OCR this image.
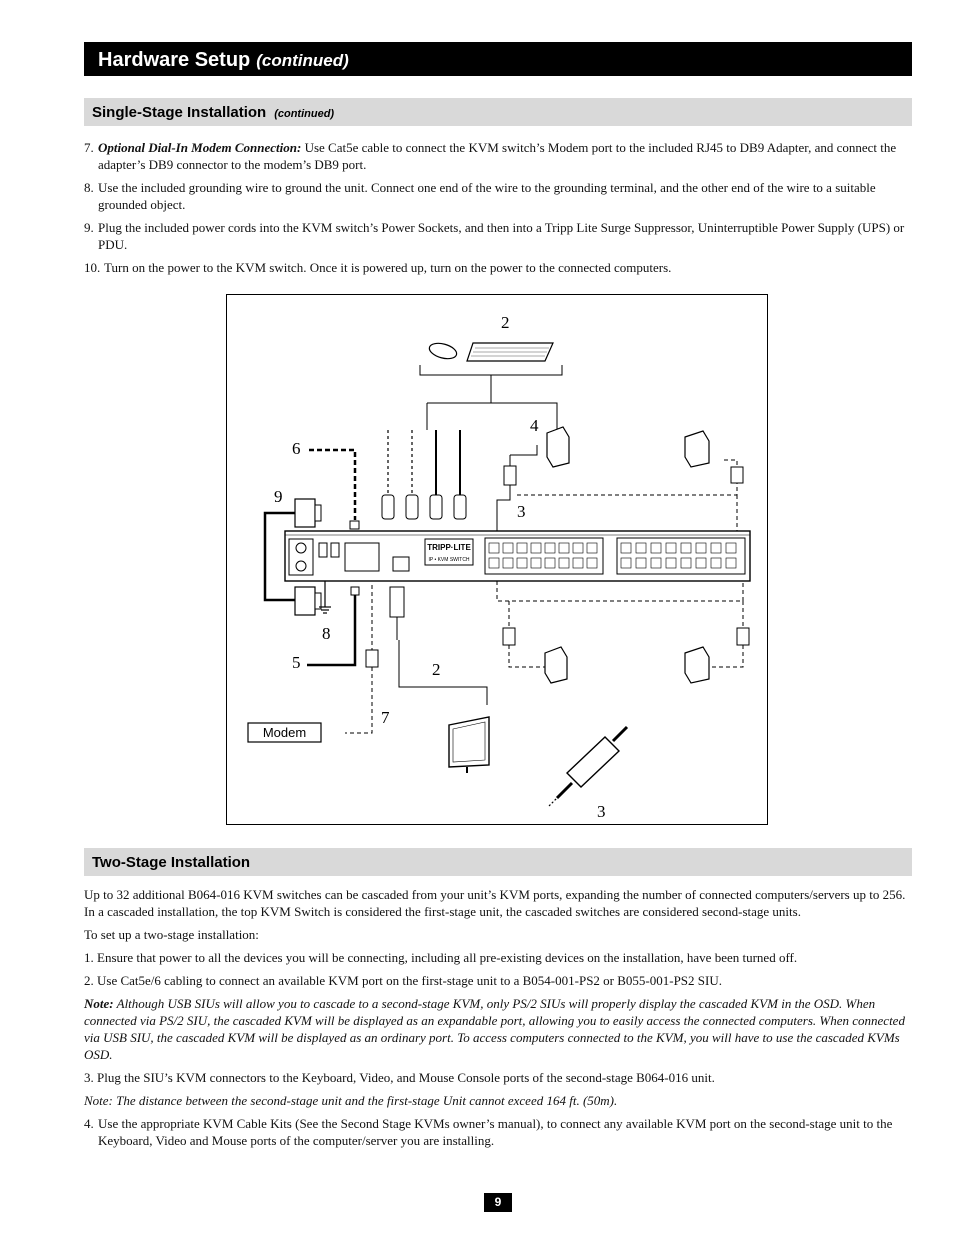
Hardware Setup (continued)
Single-Stage Installation (continued)
7. Optional Dial-In Modem Connection: Use Cat5e cable to connect the KVM switch’s Modem port to the included RJ45 to DB9 Adapter, and connect the adapter’s DB9 connector to the modem’s DB9 port.
8. Use the included grounding wire to ground the unit. Connect one end of the wire to the grounding terminal, and the other end of the wire to a suitable grounded object.
9. Plug the included power cords into the KVM switch’s Power Sockets, and then into a Tripp Lite Surge Suppressor, Uninterruptible Power Supply (UPS) or PDU.
10. Turn on the power to the KVM switch. Once it is powered up, turn on the power to the connected computers.
TRIPP·LITE
IP • KVM SWITCH
Modem
2
4
6
9
3
8
5	2
7
3
Two-Stage Installation

Up to 32 additional B064-016 KVM switches can be cascaded from your unit’s KVM ports, expanding the number of connected computers/servers up to 256. In a cascaded installation, the top KVM Switch is considered the first-stage unit, the cascaded switches are considered second-stage units.

To set up a two-stage installation:

1. Ensure that power to all the devices you will be connecting, including all pre-existing devices on the installation, have been turned off.

2. Use Cat5e/6 cabling to connect an available KVM port on the first-stage unit to a B054-001-PS2 or B055-001-PS2 SIU.

Note: Although USB SIUs will allow you to cascade to a second-stage KVM, only PS/2 SIUs will properly display the cascaded KVM in the OSD. When connected via PS/2 SIU, the cascaded KVM will be displayed as an expandable port, allowing you to easily access the connected computers. When connected via USB SIU, the cascaded KVM will be displayed as an ordinary port. To access computers connected to the KVM, you will have to use the cascaded KVMs OSD.

3. Plug the SIU’s KVM connectors to the Keyboard, Video, and Mouse Console ports of the second-stage B064-016 unit.

Note: The distance between the second-stage unit and the first-stage Unit cannot exceed 164 ft. (50m).

4. Use the appropriate KVM Cable Kits (See the Second Stage KVMs owner’s manual), to connect any available KVM port on the second-stage unit to the Keyboard, Video and Mouse ports of the computer/server you are installing.
9
